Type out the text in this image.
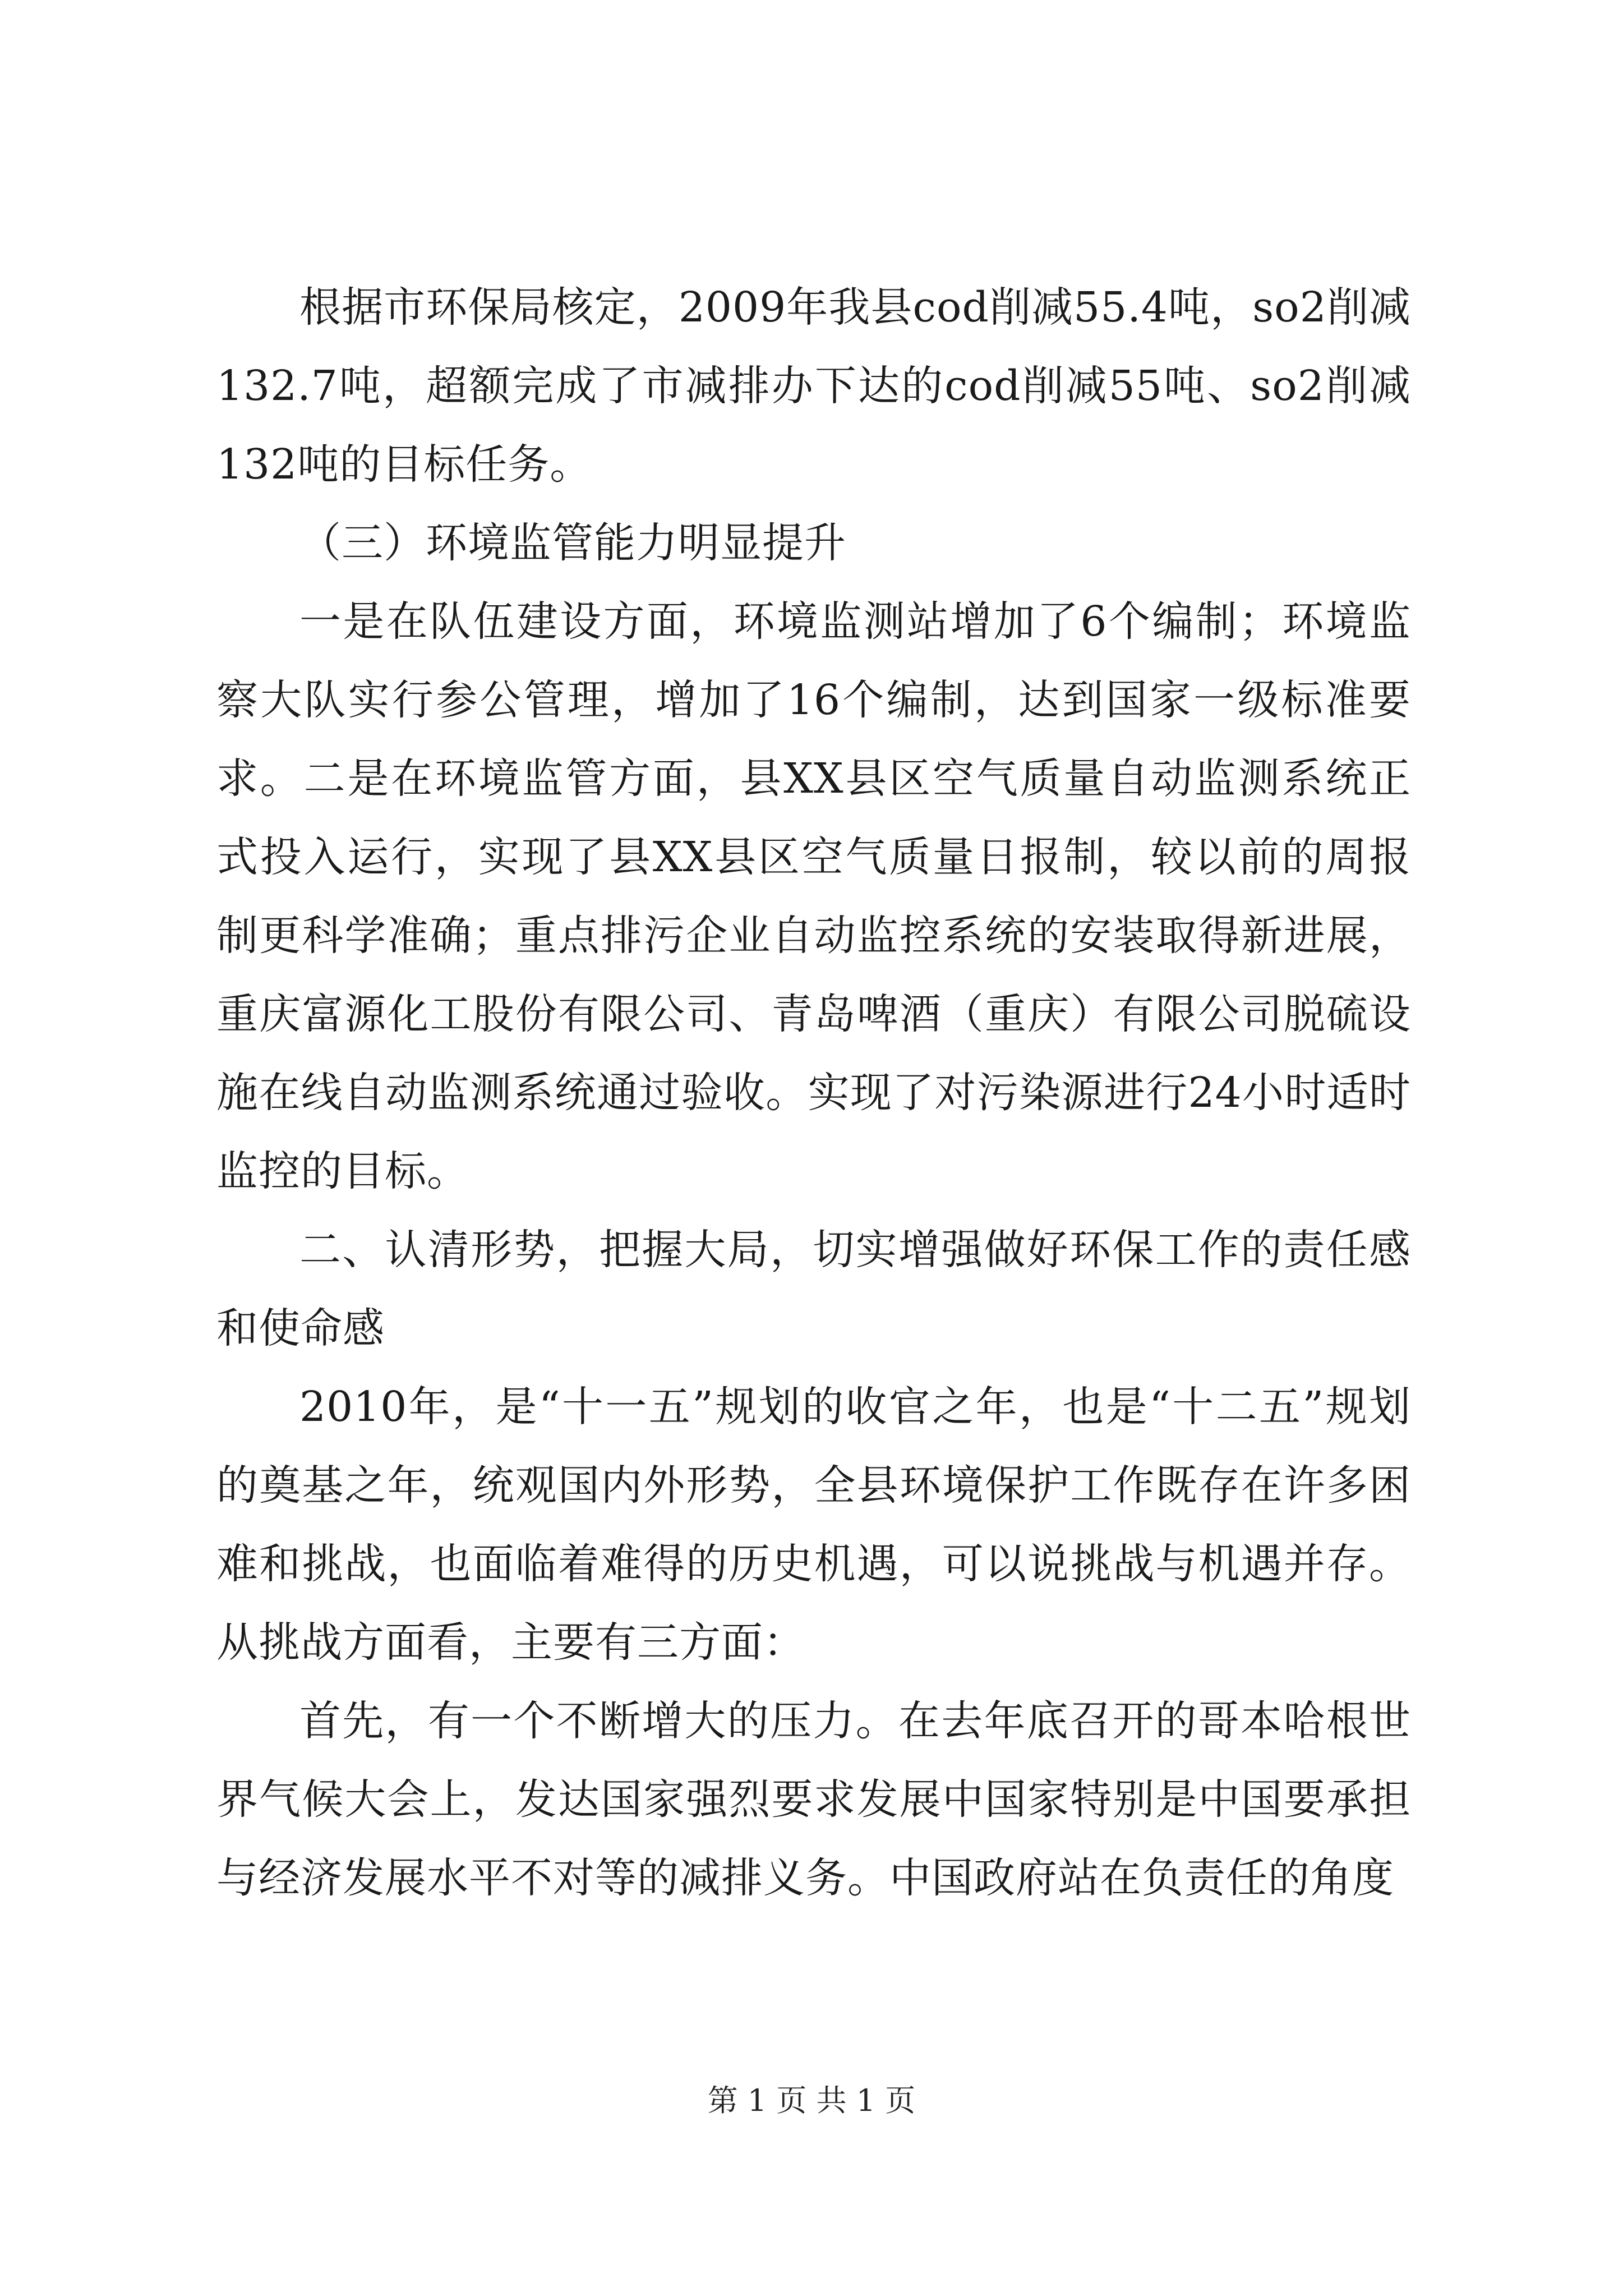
根据市环保局核定，2009年我县cod削减55.4吨，so2削减132.7吨，超额完成了市减排办下达的cod削减55吨、so2削减132吨的目标任务。

（三）环境监管能力明显提升

一是在队伍建设方面，环境监测站增加了6个编制；环境监察大队实行参公管理，增加了16个编制，达到国家一级标准要求。二是在环境监管方面，县XX县区空气质量自动监测系统正式投入运行，实现了县XX县区空气质量日报制，较以前的周报制更科学准确；重点排污企业自动监控系统的安装取得新进展，重庆富源化工股份有限公司、青岛啤酒（重庆）有限公司脱硫设施在线自动监测系统通过验收。实现了对污染源进行24小时适时监控的目标。

二、认清形势，把握大局，切实增强做好环保工作的责任感和使命感

2010年，是“十一五”规划的收官之年，也是“十二五”规划的奠基之年，统观国内外形势，全县环境保护工作既存在许多困难和挑战，也面临着难得的历史机遇，可以说挑战与机遇并存。从挑战方面看，主要有三方面：

首先，有一个不断增大的压力。在去年底召开的哥本哈根世界气候大会上，发达国家强烈要求发展中国家特别是中国要承担与经济发展水平不对等的减排义务。中国政府站在负责任的角度

第 1 页 共 1 页
